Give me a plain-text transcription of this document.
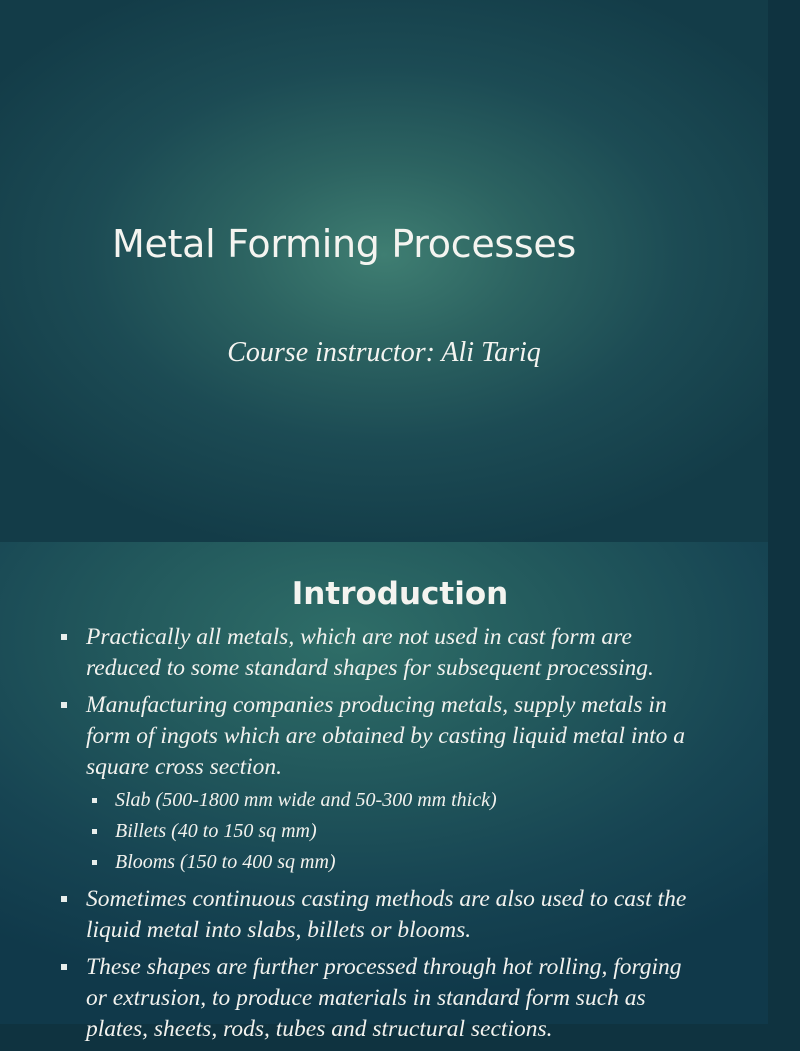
Metal Forming Processes

Course instructor: Ali Tariq

Introduction
Practically all metals, which are not used in cast form are reduced to some standard shapes for subsequent processing.
Manufacturing companies producing metals, supply metals in form of ingots which are obtained by casting liquid metal into a square cross section.
Slab (500-1800 mm wide and 50-300 mm thick)
Billets (40 to 150 sq mm)
Blooms (150 to 400 sq mm)
Sometimes continuous casting methods are also used to cast the liquid metal into slabs, billets or blooms.
These shapes are further processed through hot rolling, forging or extrusion, to produce materials in standard form such as plates, sheets, rods, tubes and structural sections.
